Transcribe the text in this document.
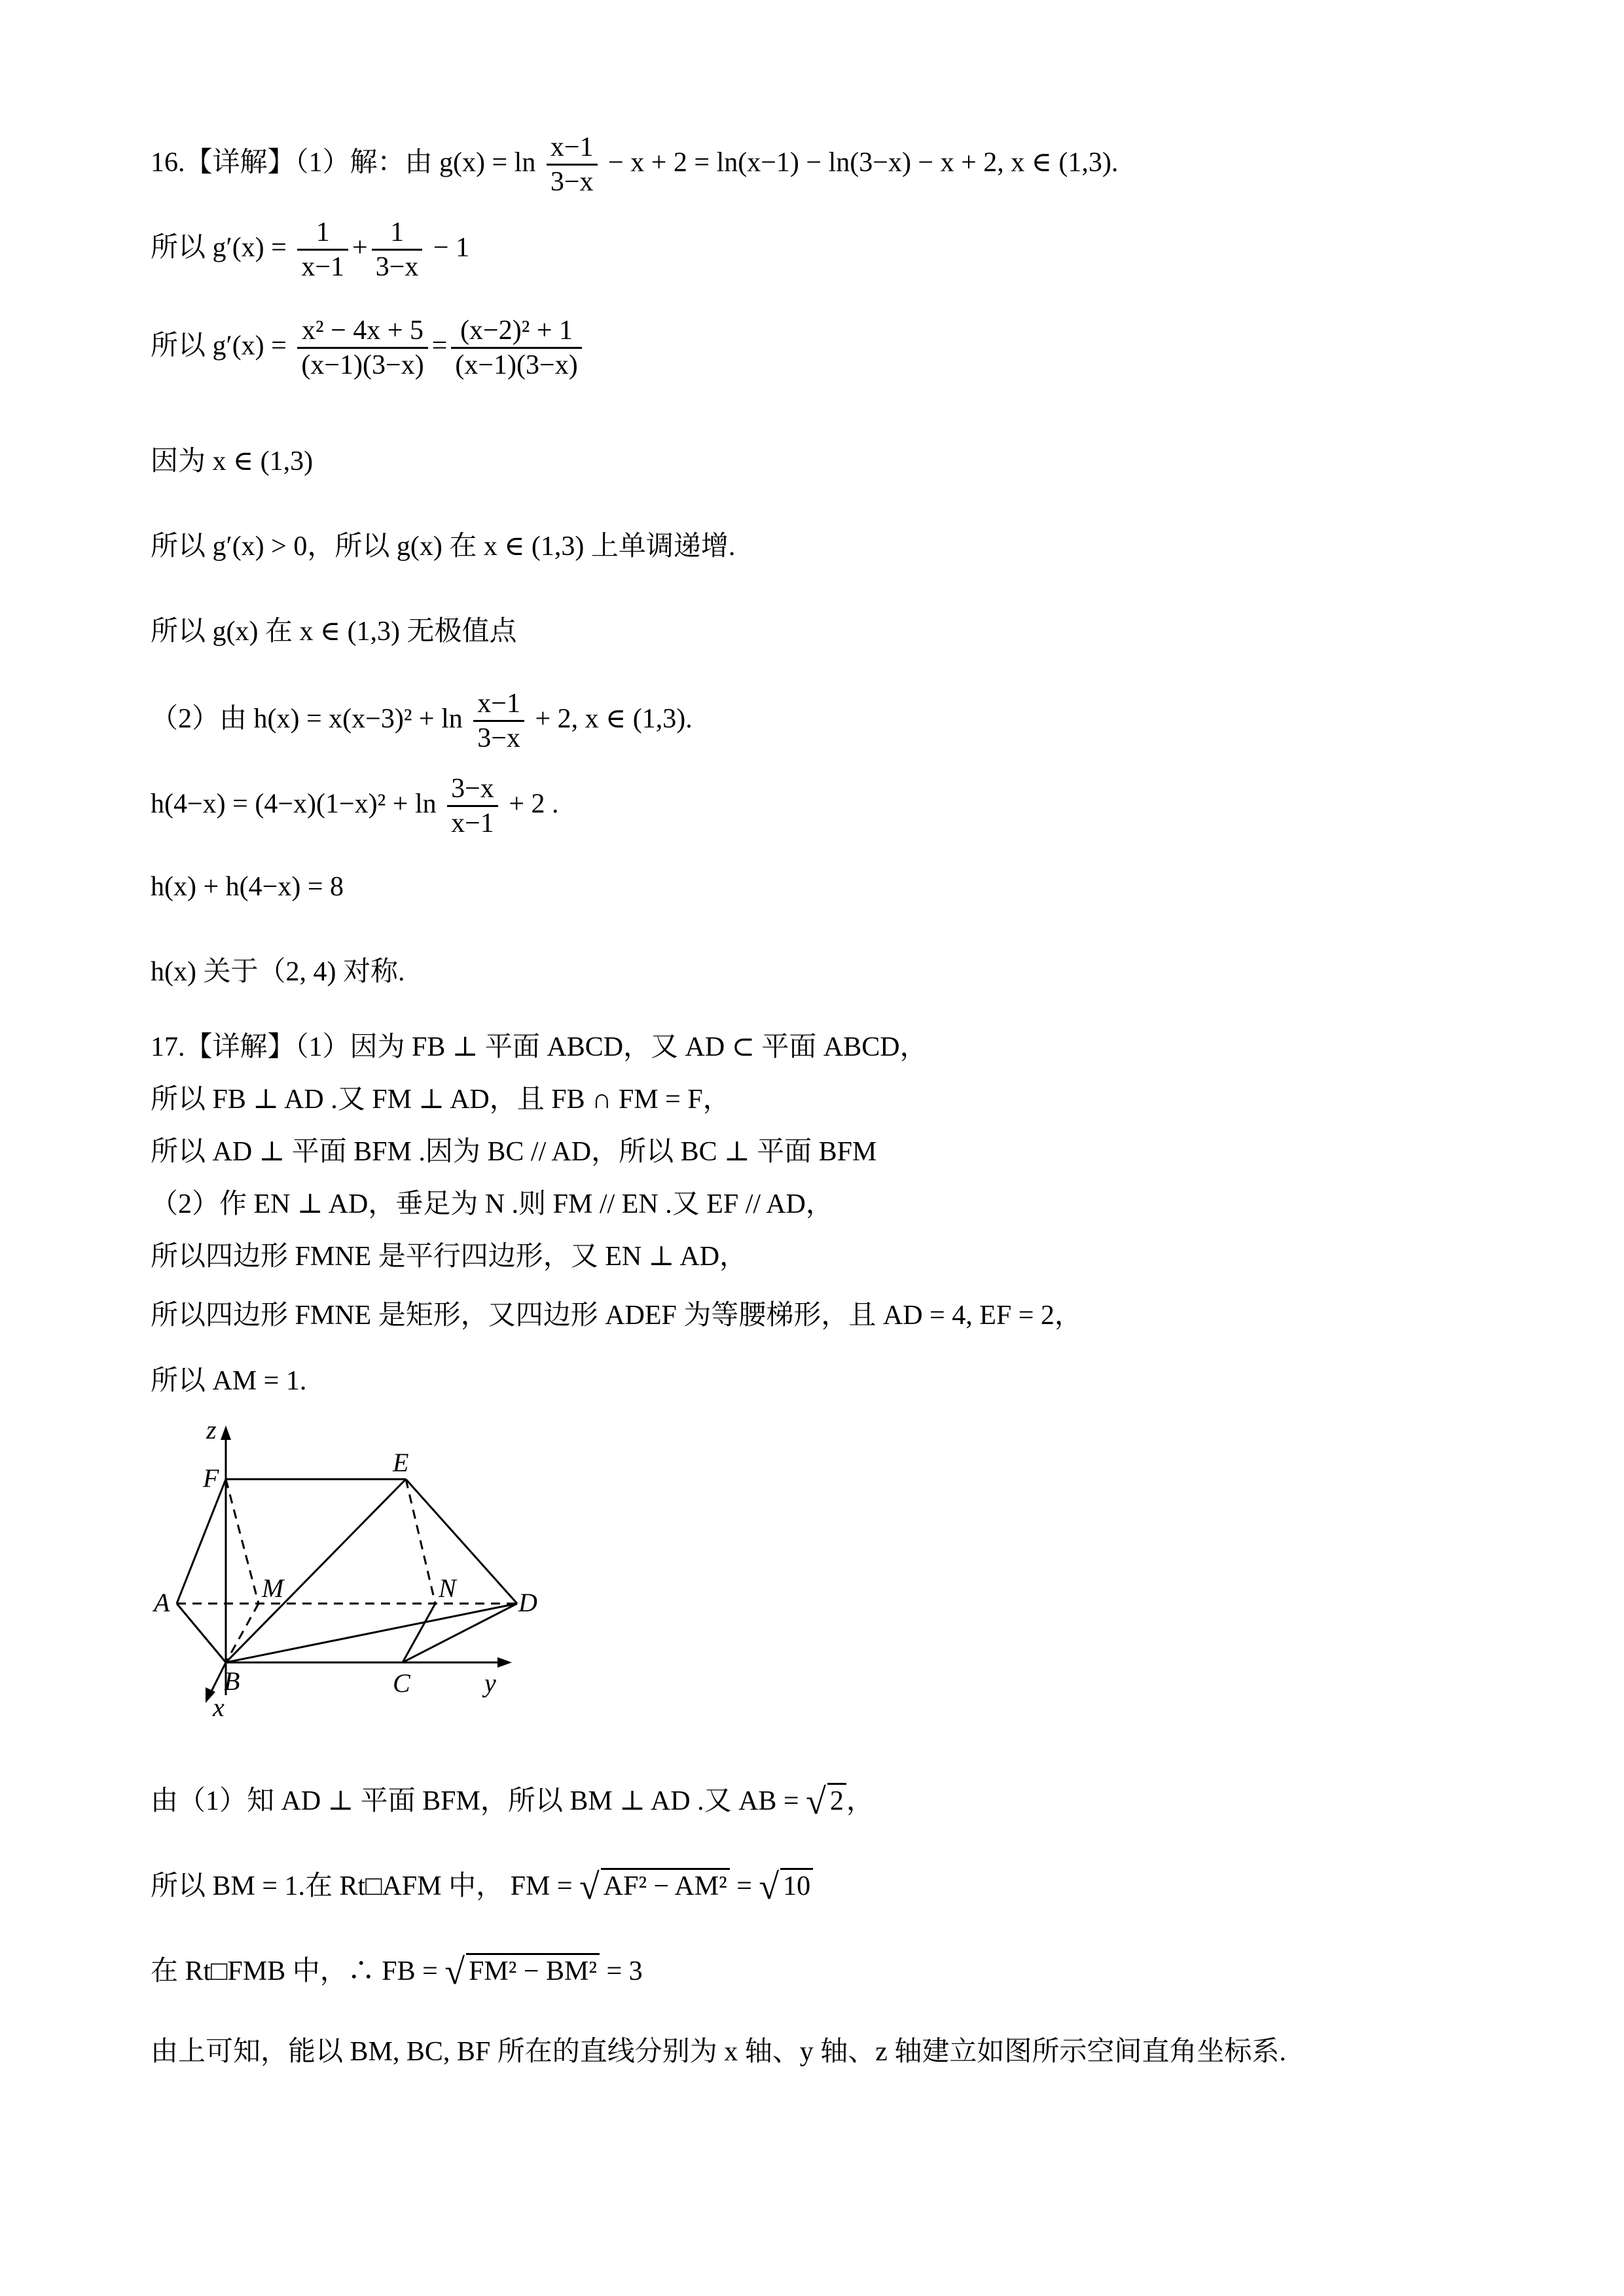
16.【详解】（1）解：由 $g(x) = \ln \frac{x-1}{3-x} - x + 2 = \ln(x-1) - \ln(3-x) - x + 2$, x ∈ (1,3).
所以 $g'(x) = \frac{1}{x-1} + \frac{1}{3-x} - 1$
所以 $g'(x) = \frac{\text{x² − 4x + 5}}{(x-1)(3-x)} = \frac{\text{(x−2)² + 1}}{(x-1)(3-x)}$
因为 x ∈ (1,3)
所以 g′(x) > 0，所以 g(x) 在 x ∈ (1,3) 上单调递增.
所以 g(x) 在 x ∈ (1,3) 无极值点
（2）由 $h(x) = x(x-3)^2 + \ln \frac{x-1}{3-x} + 2$, x ∈ (1,3).
$h(4-x) = (4-x)(1-x)^2 + \ln \frac{3-x}{x-1} + 2$ .
h(x) + h(4−x) = 8
h(x) 关于（2, 4) 对称.
17.【详解】（1）因为 FB ⊥ 平面 ABCD，又 AD ⊂ 平面 ABCD，
所以 FB ⊥ AD .又 FM ⊥ AD，且 FB ∩ FM = F，
所以 AD ⊥ 平面 BFM .因为 BC // AD，所以 BC ⊥ 平面 BFM
（2）作 EN ⊥ AD，垂足为 N .则 FM // EN .又 EF // AD，
所以四边形 FMNE 是平行四边形，又 EN ⊥ AD，
所以四边形 FMNE 是矩形，又四边形 ADEF 为等腰梯形，且 AD = 4, EF = 2，
所以 AM = 1.
z
F
E
A	M	N D
B	C	y
x
由（1）知 AD ⊥ 平面 BFM，所以 BM ⊥ AD .又 AB = √ 2，
所以 BM = 1.在 Rt□AFM 中， FM = √ AF² − AM² = √ 10
在 Rt□FMB 中，∴ FB = √ FM² − BM² = 3
由上可知，能以 BM, BC, BF 所在的直线分别为 x 轴、y 轴、z 轴建立如图所示空间直角坐标系.
